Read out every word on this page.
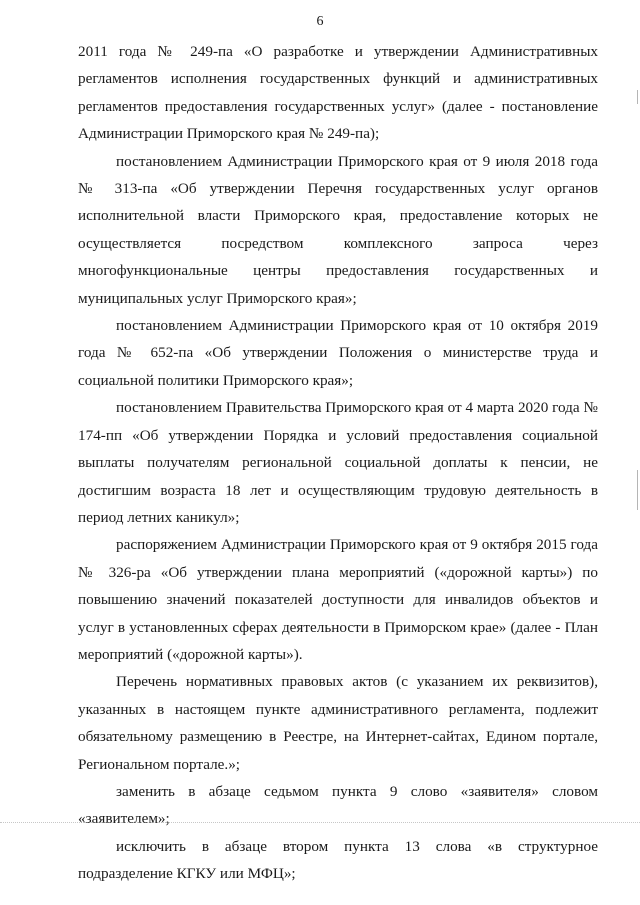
6

2011 года № 249-па «О разработке и утверждении Административных регламентов исполнения государственных функций и административных регламентов предоставления государственных услуг» (далее - постановление Администрации Приморского края № 249-па);

постановлением Администрации Приморского края от 9 июля 2018 года № 313-па «Об утверждении Перечня государственных услуг органов исполнительной власти Приморского края, предоставление которых не осуществляется посредством комплексного запроса через многофункциональные центры предоставления государственных и муниципальных услуг Приморского края»;

постановлением Администрации Приморского края от 10 октября 2019 года № 652-па «Об утверждении Положения о министерстве труда и социальной политики Приморского края»;

постановлением Правительства Приморского края от 4 марта 2020 года № 174-пп «Об утверждении Порядка и условий предоставления социальной выплаты получателям региональной социальной доплаты к пенсии, не достигшим возраста 18 лет и осуществляющим трудовую деятельность в период летних каникул»;

распоряжением Администрации Приморского края от 9 октября 2015 года № 326-ра «Об утверждении плана мероприятий («дорожной карты») по повышению значений показателей доступности для инвалидов объектов и услуг в установленных сферах деятельности в Приморском крае» (далее - План мероприятий («дорожной карты»).

Перечень нормативных правовых актов (с указанием их реквизитов), указанных в настоящем пункте административного регламента, подлежит обязательному размещению в Реестре, на Интернет-сайтах, Едином портале, Региональном портале.»;

заменить в абзаце седьмом пункта 9 слово «заявителя» словом «заявителем»;

исключить в абзаце втором пункта 13 слова «в структурное подразделение КГКУ или МФЦ»;
